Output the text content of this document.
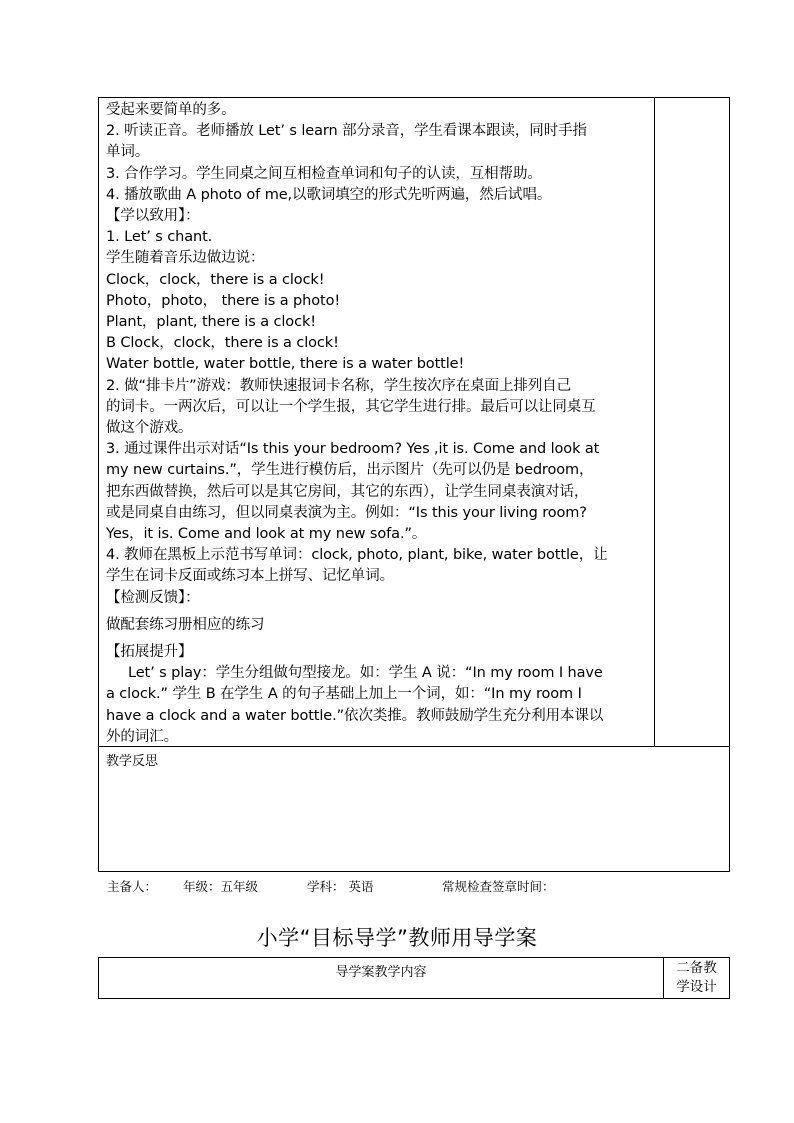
受起来要简单的多。
2. 听读正音。老师播放 Let’ s learn 部分录音，学生看课本跟读，同时手指
单词。
3. 合作学习。学生同桌之间互相检查单词和句子的认读，互相帮助。
4. 播放歌曲 A photo of me,以歌词填空的形式先听两遍，然后试唱。
【学以致用】：
1. Let’ s chant.
学生随着音乐边做边说：
Clock，clock，there is a clock!
Photo，photo， there is a photo!
Plant，plant, there is a clock!
B Clock，clock，there is a clock!
Water bottle, water bottle, there is a water bottle!
2. 做“排卡片”游戏：教师快速报词卡名称，学生按次序在桌面上排列自己
的词卡。一两次后，可以让一个学生报，其它学生进行排。最后可以让同桌互
做这个游戏。
3. 通过课件出示对话“Is this your bedroom? Yes ,it is. Come and look at
my new curtains.”，学生进行模仿后，出示图片（先可以仍是 bedroom，
把东西做替换，然后可以是其它房间，其它的东西），让学生同桌表演对话，
或是同桌自由练习，但以同桌表演为主。例如：“Is this your living room?
Yes，it is. Come and look at my new sofa.”。
4. 教师在黑板上示范书写单词：clock, photo, plant, bike, water bottle，让
学生在词卡反面或练习本上拼写、记忆单词。
【检测反馈】：
做配套练习册相应的练习
【拓展提升】
Let’ s play：学生分组做句型接龙。如：学生 A 说：“In my room I have
a clock.” 学生 B 在学生 A 的句子基础上加上一个词，如：“In my room I
have a clock and a water bottle.”依次类推。教师鼓励学生充分利用本课以
外的词汇。
教学反思
主备人： 年级：五年级	学科： 英语	常规检查签章时间：
小学“目标导学”教师用导学案
导学案教学内容	二备教
学设计
